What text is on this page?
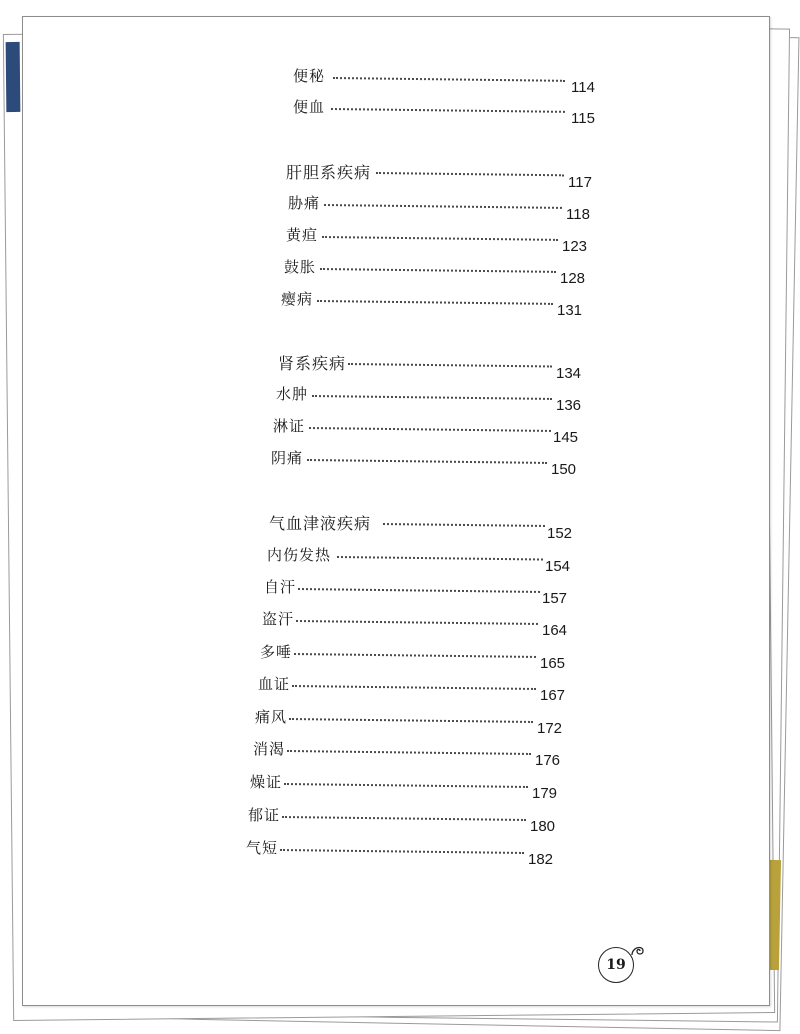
便秘
114
便血
115
肝胆系疾病
117
胁痛
118
黄疸
123
鼓胀
128
瘿病
131
肾系疾病
134
水肿
136
淋证
145
阴痛
150
气血津液疾病
152
内伤发热
154
自汗
157
盗汗
164
多唾
165
血证
167
痛风
172
消渴
176
燥证
179
郁证
180
气短
182
19
